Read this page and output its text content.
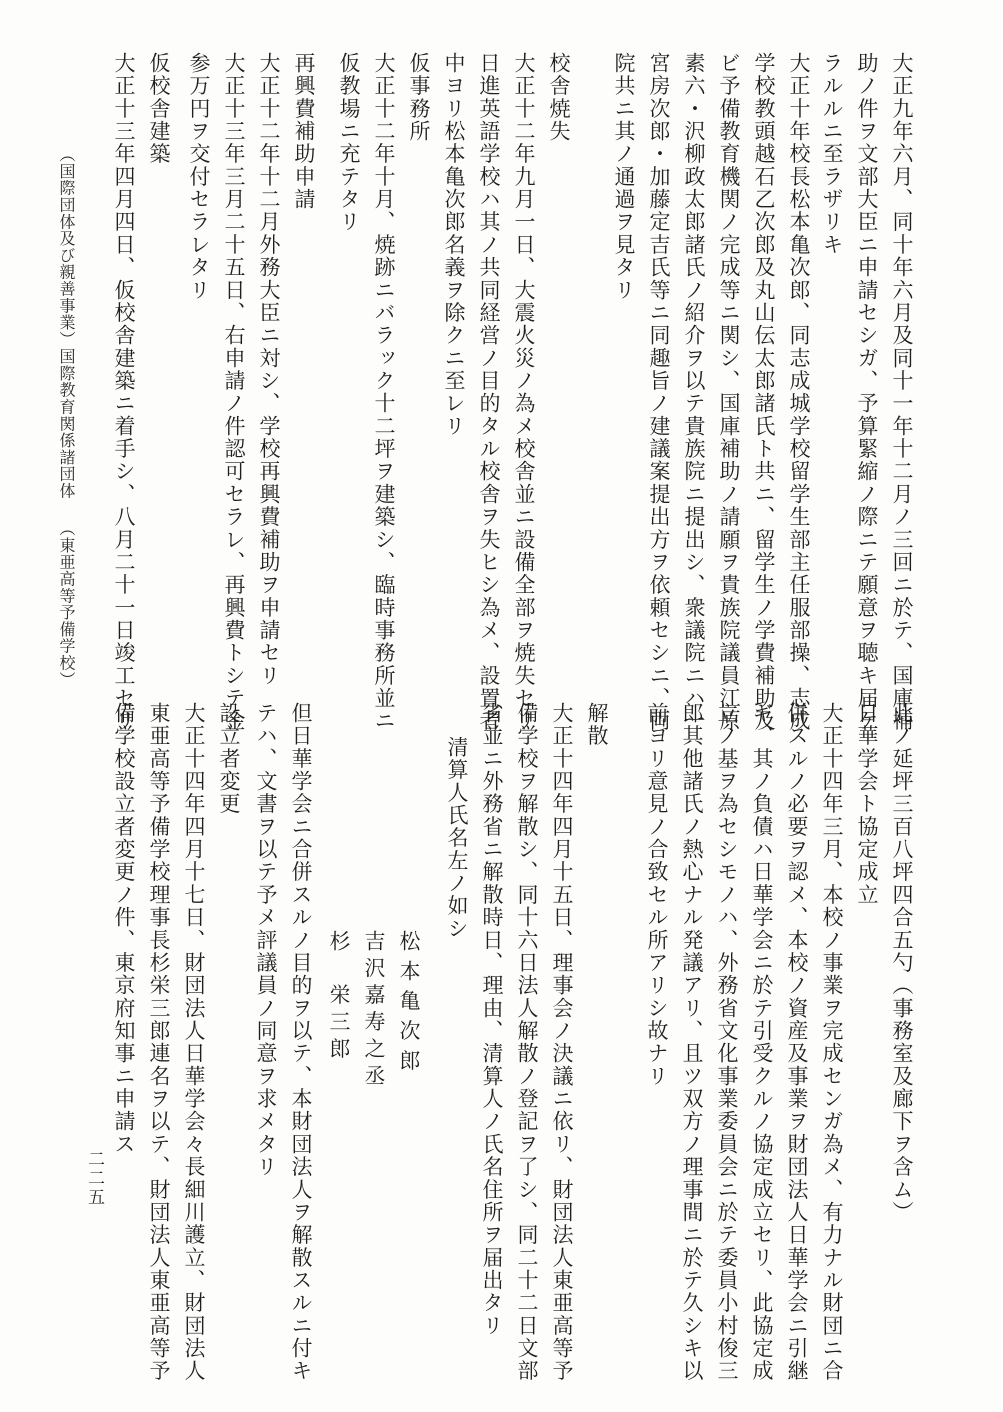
大正九年六月、同十年六月及同十一年十二月ノ三回ニ於テ、国庫補
助ノ件ヲ文部大臣ニ申請セシガ、予算緊縮ノ際ニテ願意ヲ聴キ届ケ
ラルルニ至ラザリキ
大正十年校長松本亀次郎、同志成城学校留学生部主任服部操、志成
学校教頭越石乙次郎及丸山伝太郎諸氏ト共ニ、留学生ノ学費補助及
ビ予備教育機関ノ完成等ニ関シ、国庫補助ノ請願ヲ貴族院議員江原
素六・沢柳政太郎諸氏ノ紹介ヲ以テ貴族院ニ提出シ、衆議院ニハ一
宮房次郎・加藤定吉氏等ニ同趣旨ノ建議案提出方ヲ依頼セシニ、両
院共ニ其ノ通過ヲ見タリ
校舎焼失
大正十二年九月一日、大震火災ノ為メ校舎並ニ設備全部ヲ焼失セリ
日進英語学校ハ其ノ共同経営ノ目的タル校舎ヲ失ヒシ為メ、設置者
中ヨリ松本亀次郎名義ヲ除クニ至レリ
仮事務所
大正十二年十月、焼跡ニバラック十二坪ヲ建築シ、臨時事務所並ニ
仮教場ニ充テタリ
再興費補助申請
大正十二年十二月外務大臣ニ対シ、学校再興費補助ヲ申請セリ
大正十三年三月二十五日、右申請ノ件認可セラレ、再興費トシテ金
参万円ヲ交付セラレタリ
仮校舎建築
大正十三年四月四日、仮校舎建築ニ着手シ、八月二十一日竣工セリ
此ノ延坪三百八坪四合五勺（事務室及廊下ヲ含ム）
日華学会ト協定成立
大正十四年三月、本校ノ事業ヲ完成センガ為メ、有力ナル財団ニ合
併スルノ必要ヲ認メ、本校ノ資産及事業ヲ財団法人日華学会ニ引継
ギ、其ノ負債ハ日華学会ニ於テ引受クルノ協定成立セリ、此協定成
立ノ基ヲ為セシモノハ、外務省文化事業委員会ニ於テ委員小村俊三
郎其他諸氏ノ熱心ナル発議アリ、且ツ双方ノ理事間ニ於テ久シキ以
前ヨリ意見ノ合致セル所アリシ故ナリ
解散
大正十四年四月十五日、理事会ノ決議ニ依リ、財団法人東亜高等予
備学校ヲ解散シ、同十六日法人解散ノ登記ヲ了シ、同二十二日文部
省並ニ外務省ニ解散時日、理由、清算人ノ氏名住所ヲ届出タリ
清算人氏名左ノ如シ
松本亀次郎
吉沢嘉寿之丞
杉　栄三郎
但日華学会ニ合併スルノ目的ヲ以テ、本財団法人ヲ解散スルニ付キ
テハ、文書ヲ以テ予メ評議員ノ同意ヲ求メタリ
設立者変更
大正十四年四月十七日、財団法人日華学会々長細川護立、財団法人
東亜高等予備学校理事長杉栄三郎連名ヲ以テ、財団法人東亜高等予
備学校設立者変更ノ件、東京府知事ニ申請ス
（国際団体及び親善事業）
国際教育関係諸団体
（東亜高等予備学校）
二二五
